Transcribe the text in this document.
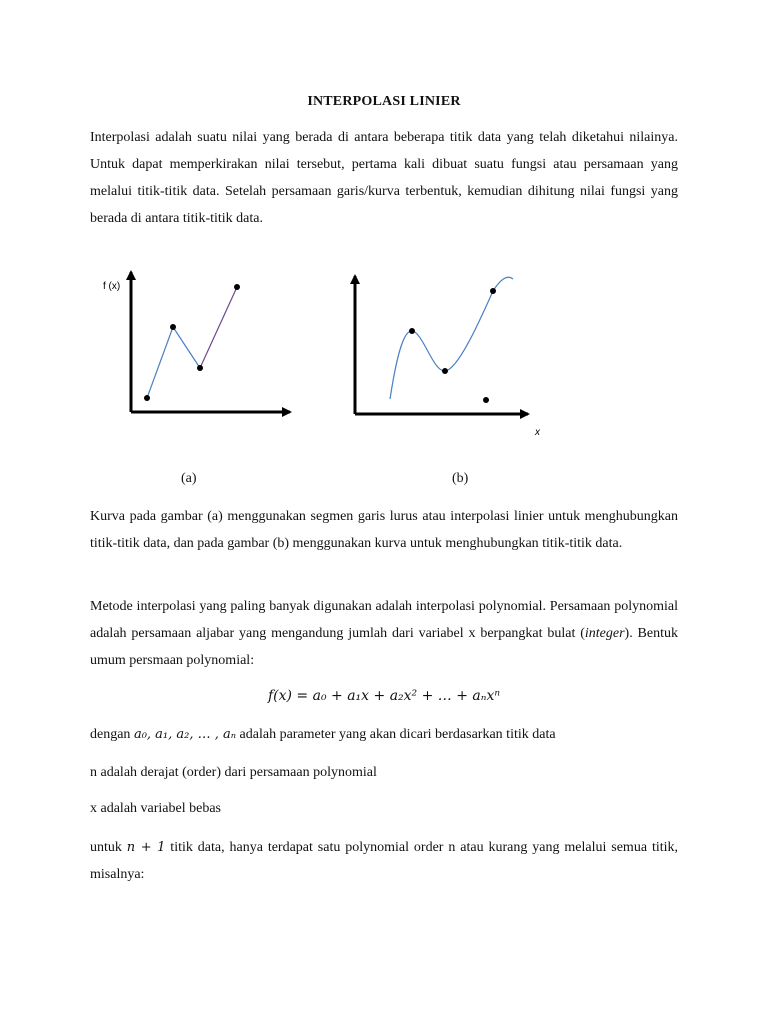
INTERPOLASI LINIER

Interpolasi adalah suatu nilai yang berada di antara beberapa titik data yang telah diketahui nilainya. Untuk dapat memperkirakan nilai tersebut, pertama kali dibuat suatu fungsi atau persamaan yang melalui titik-titik data. Setelah persamaan garis/kurva terbentuk, kemudian dihitung nilai fungsi yang berada di antara titik-titik data.

f (x)
x
(a)	(b)

Kurva pada gambar (a) menggunakan segmen garis lurus atau interpolasi linier untuk menghubungkan titik-titik data, dan pada gambar (b) menggunakan kurva untuk menghubungkan titik-titik data.

Metode interpolasi yang paling banyak digunakan adalah interpolasi polynomial. Persamaan polynomial adalah persamaan aljabar yang mengandung jumlah dari variabel x berpangkat bulat (integer). Bentuk umum persmaan polynomial:

f(x) = a₀ + a₁x + a₂x² + … + aₙxⁿ

dengan a₀, a₁, a₂, … , aₙ adalah parameter yang akan dicari berdasarkan titik data

n adalah derajat (order) dari persamaan polynomial

x adalah variabel bebas

untuk n + 1 titik data, hanya terdapat satu polynomial order n atau kurang yang melalui semua titik, misalnya:
